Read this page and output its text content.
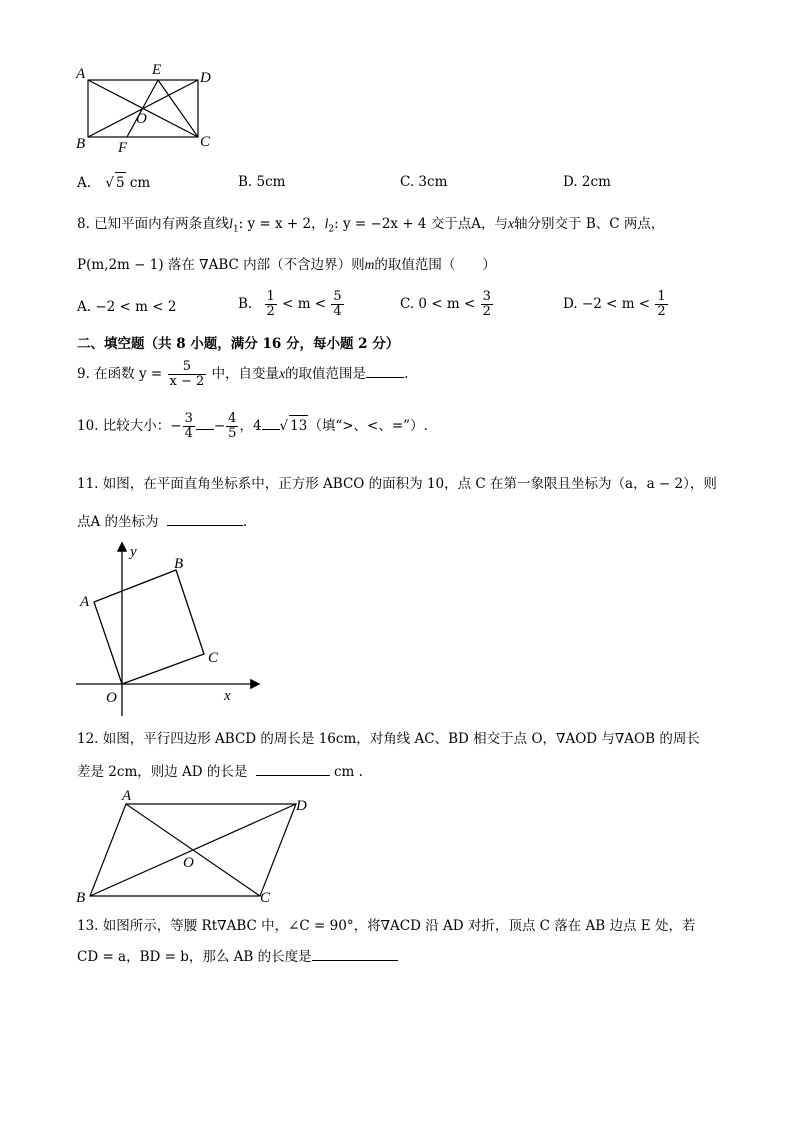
A	E	D
O
B F	C
A. √ 5 cm	B. 5cm	C. 3cm	D. 2cm
8. 已知平面内有两条直线$l_1$: y = x + 2，$l_2$: y = −2x + 4 交于点A，与x轴分别交于 B、C 两点，
P(m,2m − 1) 落在 ∇ABC 内部（不含边界）则m的取值范围（　　）
A. −2 < m < 2	B. $\frac{1}{2} < m < \frac{5}{4}$	C. $0 < m < \frac{3}{2}$	D. $-2 < m < \frac{1}{2}$
二、填空题（共 8 小题，满分 16 分，每小题 2 分）
9. 在函数 $y = \frac{5}{x - 2}$ 中，自变量x的取值范围是	.
10. 比较大小：− $\frac{3}{4} - \frac{4}{5}$ ，4 √ 13（填“>、<、=”）.
11. 如图，在平面直角坐标系中，正方形 ABCO 的面积为 10，点 C 在第一象限且坐标为（a，a − 2），则
点A 的坐标为	.
y
B
A
C
O	x
12. 如图，平行四边形 ABCD 的周长是 16cm，对角线 AC、BD 相交于点 O，∇AOD 与∇AOB 的周长
差是 2cm，则边 AD 的长是	cm .
A
D
O
B	C
13. 如图所示，等腰 Rt∇ABC 中，∠C = 90°，将∇ACD 沿 AD 对折，顶点 C 落在 AB 边点 E 处，若
CD = a，BD = b，那么 AB 的长度是
